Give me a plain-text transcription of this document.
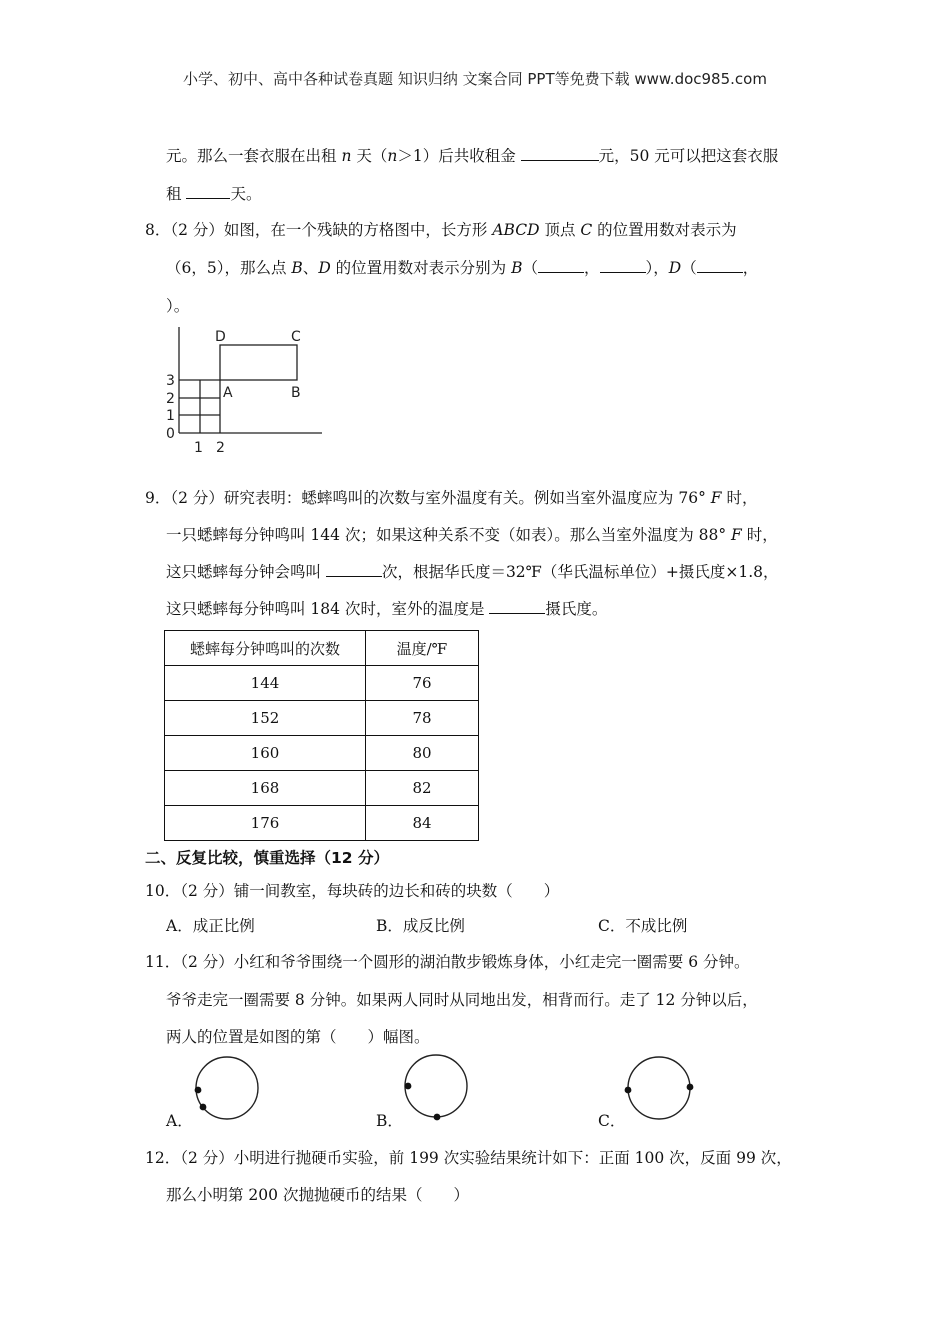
小学、初中、高中各种试卷真题 知识归纳 文案合同 PPT等免费下载 www.doc985.com
元。那么一套衣服在出租 n 天（n＞1）后共收租金	元，50 元可以把这套衣服
租	天。
8．（2 分）如图，在一个残缺的方格图中，长方形 ABCD 顶点 C 的位置用数对表示为
（6，5），那么点 B、D 的位置用数对表示分别为 B（	，	），D（	，
）。
D	C
A	B
3
2
1
0
1 2
9．（2 分）研究表明：蟋蟀鸣叫的次数与室外温度有关。例如当室外温度应为 76° F 时，
一只蟋蟀每分钟鸣叫 144 次；如果这种关系不变（如表）。那么当室外温度为 88° F 时，
这只蟋蟀每分钟会鸣叫	次，根据华氏度＝32℉（华氏温标单位）+摄氏度×1.8，
这只蟋蟀每分钟鸣叫 184 次时，室外的温度是	摄氏度。
蟋蟀每分钟鸣叫的次数	温度/℉
144	76
152	78
160	80
168	82
176	84
二、反复比较，慎重选择（12 分）
10．（2 分）铺一间教室，每块砖的边长和砖的块数（　　）
A．成正比例	B．成反比例	C．不成比例
11．（2 分）小红和爷爷围绕一个圆形的湖泊散步锻炼身体，小红走完一圈需要 6 分钟。
爷爷走完一圈需要 8 分钟。如果两人同时从同地出发，相背而行。走了 12 分钟以后，
两人的位置是如图的第（　　）幅图。
A．	B．	C．
12．（2 分）小明进行抛硬币实验，前 199 次实验结果统计如下：正面 100 次，反面 99 次，
那么小明第 200 次抛抛硬币的结果（　　）
